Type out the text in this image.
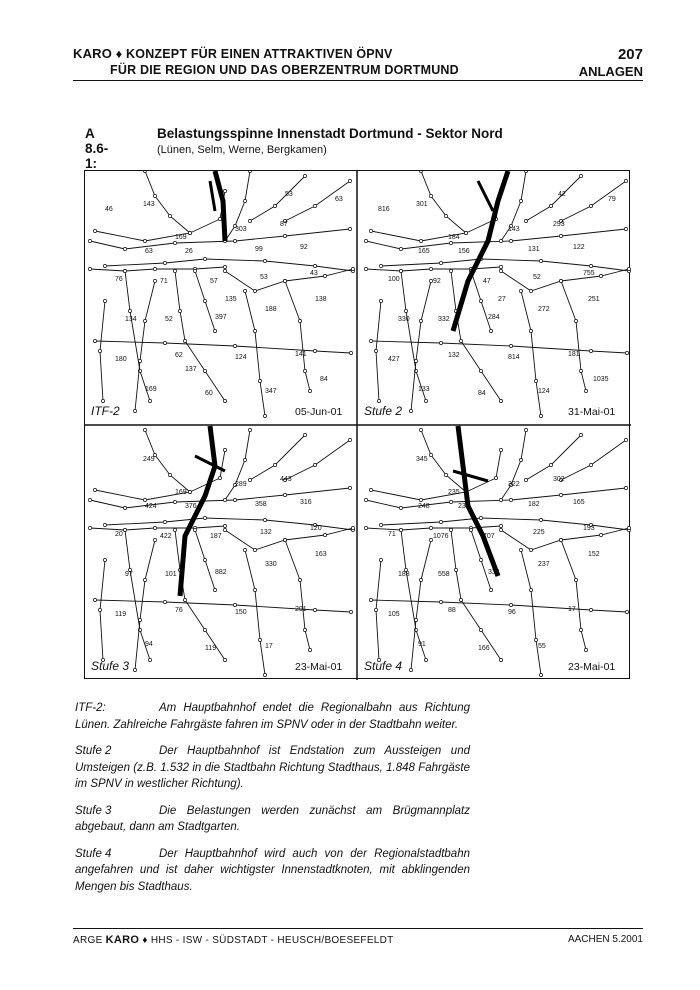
KARO ♦ KONZEPT FÜR EINEN ATTRAKTIVEN ÖPNV
FÜR DIE REGION UND DAS OBERZENTRUM DORTMUND
207
ANLAGEN
A 8.6-1:
Belastungsspinne Innenstadt Dortmund - Sektor Nord
(Lünen, Selm, Werne, Bergkamen)
143
169
303
87
63	26	99	92
76	71	57
53
43
134	52	397
188
138
180
62	124	141
169
60	347
84
46
63
53
135
137
ITF-2	05-Jun-01
301
184
143
293
165	156	131	122
100	92	47
52
755
330	332	284
272
251
427
132	814	181
133
84	124
1035
816
79
42
27
Stufe 2	31-Mai-01
249
169
289
443
424	376	358	316
20	422	187
132
120
97	101	882
330
163
119
76	150	201
94
119	17
Stufe 3	23-Mai-01
345
235
322
302
248	230	182	165
71	1076	707
225
193
188	558	334
237
152
105
88	96	17
91
166	55
Stufe 4	23-Mai-01

ITF-2:	Am Hauptbahnhof endet die Regionalbahn aus Richtung Lünen. Zahlreiche Fahrgäste fahren im SPNV oder in der Stadtbahn weiter.

Stufe 2	Der Hauptbahnhof ist Endstation zum Aussteigen und Umsteigen (z.B. 1.532 in die Stadtbahn Richtung Stadthaus, 1.848 Fahrgäste im SPNV in westlicher Richtung).

Stufe 3	Die Belastungen werden zunächst am Brügmannplatz abgebaut, dann am Stadtgarten.

Stufe 4	Der Hauptbahnhof wird auch von der Regionalstadtbahn angefahren und ist daher wichtigster Innenstadtknoten, mit abklingenden Mengen bis Stadthaus.

ARGE KARO ♦ HHS - ISW - SÜDSTADT - HEUSCH/BOESEFELDT	AACHEN 5.2001
